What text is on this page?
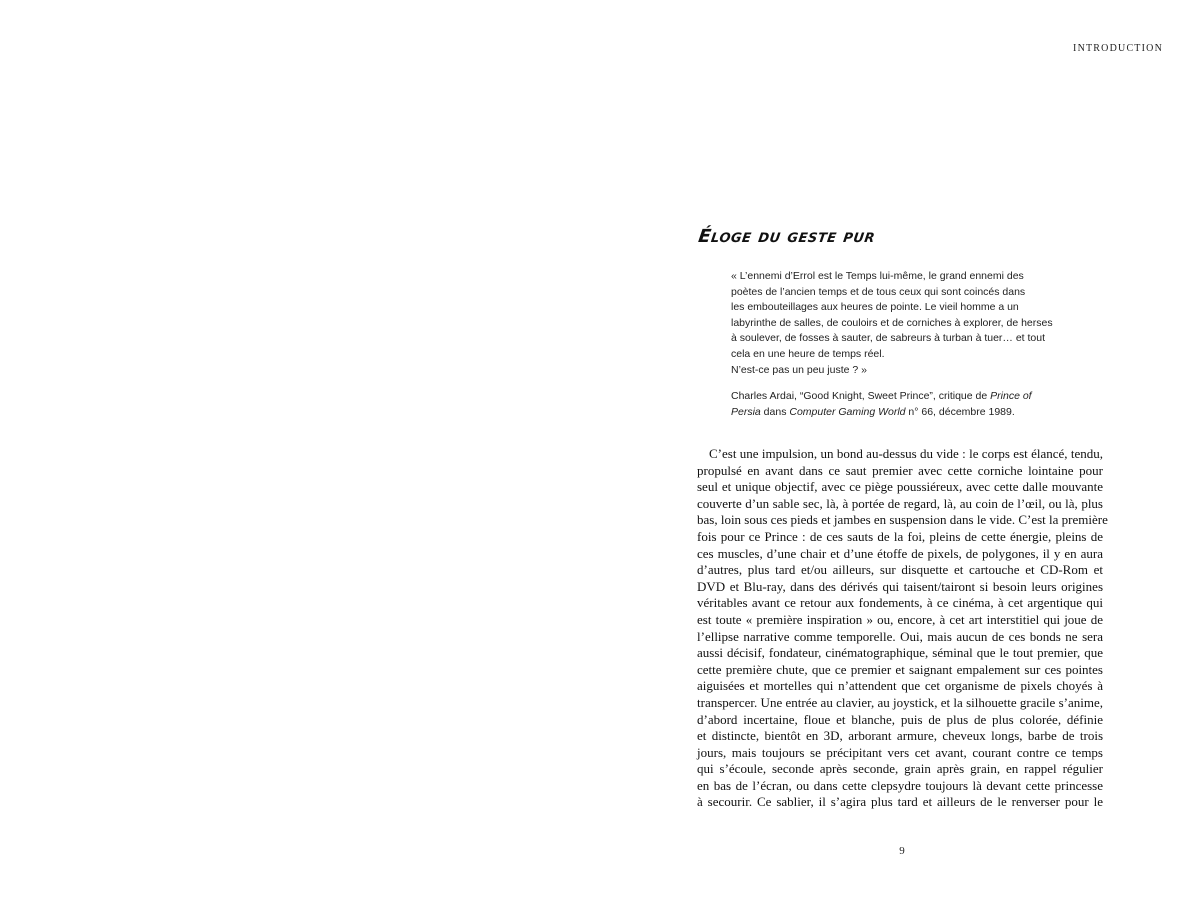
INTRODUCTION
Éloge du geste pur

« L’ennemi d’Errol est le Temps lui-même, le grand ennemi des
poètes de l’ancien temps et de tous ceux qui sont coincés dans
les embouteillages aux heures de pointe. Le vieil homme a un
labyrinthe de salles, de couloirs et de corniches à explorer, de herses
à soulever, de fosses à sauter, de sabreurs à turban à tuer… et tout
cela en une heure de temps réel.
N’est-ce pas un peu juste ? »

Charles Ardai, “Good Knight, Sweet Prince”, critique de Prince of
Persia dans Computer Gaming World n° 66, décembre 1989.

C’est une impulsion, un bond au-dessus du vide : le corps est élancé, tendu,
propulsé en avant dans ce saut premier avec cette corniche lointaine pour
seul et unique objectif, avec ce piège poussiéreux, avec cette dalle mouvante
couverte d’un sable sec, là, à portée de regard, là, au coin de l’œil, ou là, plus
bas, loin sous ces pieds et jambes en suspension dans le vide. C’est la première
fois pour ce Prince : de ces sauts de la foi, pleins de cette énergie, pleins de
ces muscles, d’une chair et d’une étoffe de pixels, de polygones, il y en aura
d’autres, plus tard et/ou ailleurs, sur disquette et cartouche et CD-Rom et
DVD et Blu-ray, dans des dérivés qui taisent/tairont si besoin leurs origines
véritables avant ce retour aux fondements, à ce cinéma, à cet argentique qui
est toute « première inspiration » ou, encore, à cet art interstitiel qui joue de
l’ellipse narrative comme temporelle. Oui, mais aucun de ces bonds ne sera
aussi décisif, fondateur, cinématographique, séminal que le tout premier, que
cette première chute, que ce premier et saignant empalement sur ces pointes
aiguisées et mortelles qui n’attendent que cet organisme de pixels choyés à
transpercer. Une entrée au clavier, au joystick, et la silhouette gracile s’anime,
d’abord incertaine, floue et blanche, puis de plus de plus colorée, définie
et distincte, bientôt en 3D, arborant armure, cheveux longs, barbe de trois
jours, mais toujours se précipitant vers cet avant, courant contre ce temps
qui s’écoule, seconde après seconde, grain après grain, en rappel régulier
en bas de l’écran, ou dans cette clepsydre toujours là devant cette princesse
à secourir. Ce sablier, il s’agira plus tard et ailleurs de le renverser pour le
9
